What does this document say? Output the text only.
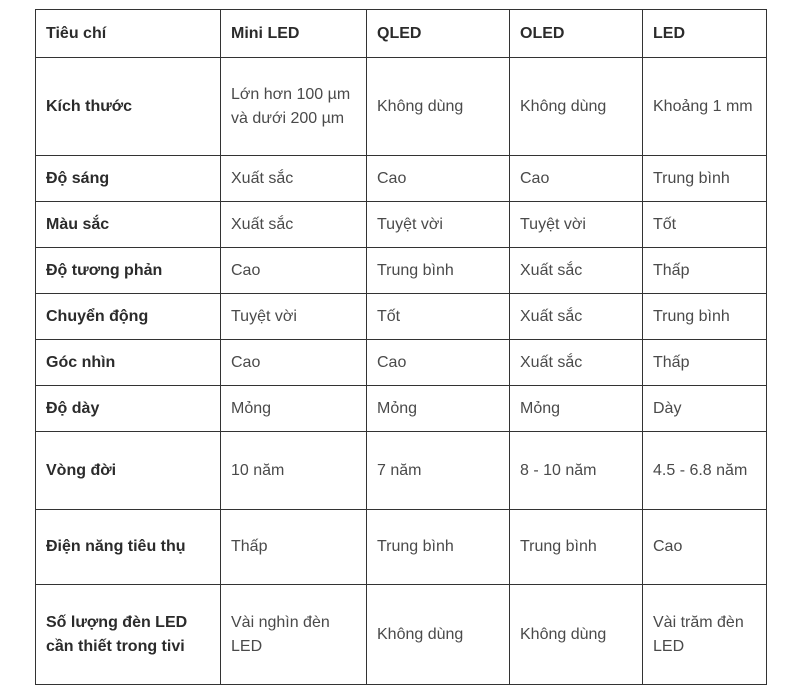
Tiêu chí	Mini LED	QLED	OLED	LED
Kích thước	Lớn hơn 100 µm và dưới 200 µm	Không dùng	Không dùng	Khoảng 1 mm
Độ sáng	Xuất sắc	Cao	Cao	Trung bình
Màu sắc	Xuất sắc	Tuyệt vời	Tuyệt vời	Tốt
Độ tương phản	Cao	Trung bình	Xuất sắc	Thấp
Chuyển động	Tuyệt vời	Tốt	Xuất sắc	Trung bình
Góc nhìn	Cao	Cao	Xuất sắc	Thấp
Độ dày	Mỏng	Mỏng	Mỏng	Dày
Vòng đời	10 năm	7 năm	8 - 10 năm	4.5 - 6.8 năm
Điện năng tiêu thụ	Thấp	Trung bình	Trung bình	Cao
Số lượng đèn LED cần thiết trong tivi	Vài nghìn đèn LED	Không dùng	Không dùng	Vài trăm đèn LED
